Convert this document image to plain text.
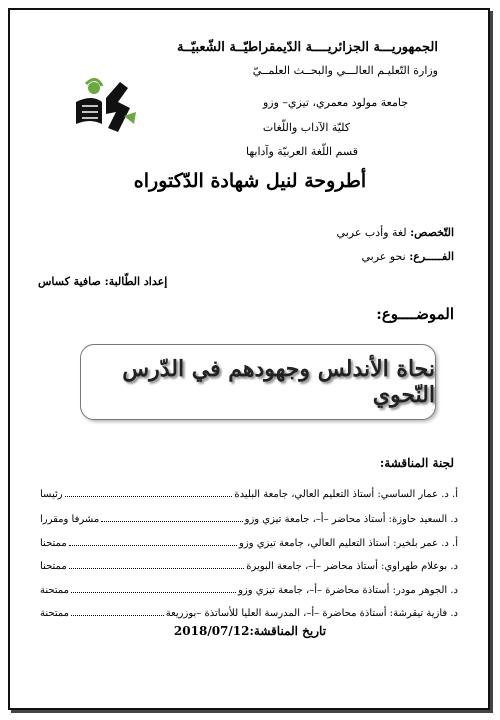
الجمهوريـــة الجزائريــــة الدّيمقراطيّــة الشّعبيّــة
وزارة التّعليـم العالـــي والبحــث العلمــيّ
جامعة مولود معمري، تيزي– وزو
كليّة الآداب واللّغات
قسم اللّغة العربيّة وآدابها
أطروحة لنيل شهادة الدّكتوراه
التّخصص: لغة وأدب عربي
الفـــــرع: نحو عربي
إعداد الطّالبة: صافية كساس
الموضــــوع:
نحاة الأندلس وجهودهم في الدّرس النّحوي
لجنة المناقشة:
أ. د. عمار الساسي: أستاذ التعليم العالي، جامعة البليدة
رئيسا
د. السعيد حاوزة: أستاذ محاضر –أ–، جامعة تيزي وزو
مشرفا ومقررا
أ. د. عمر بلخير: أستاذ التعليم العالي، جامعة تيزي وزو
ممتحنا
د. بوعلام طهراوي: أستاذ محاضر –أ–، جامعة البويرة
ممتحنا
د. الجوهر مودر: أستاذة محاضرة –أ–، جامعة تيزي وزو
ممتحنة
د. فازية تيقرشة: أستاذة محاضرة –أ–، المدرسة العليا للأساتذة –بوزريعة
ممتحنة
تاريخ المناقشة:2018/07/12
